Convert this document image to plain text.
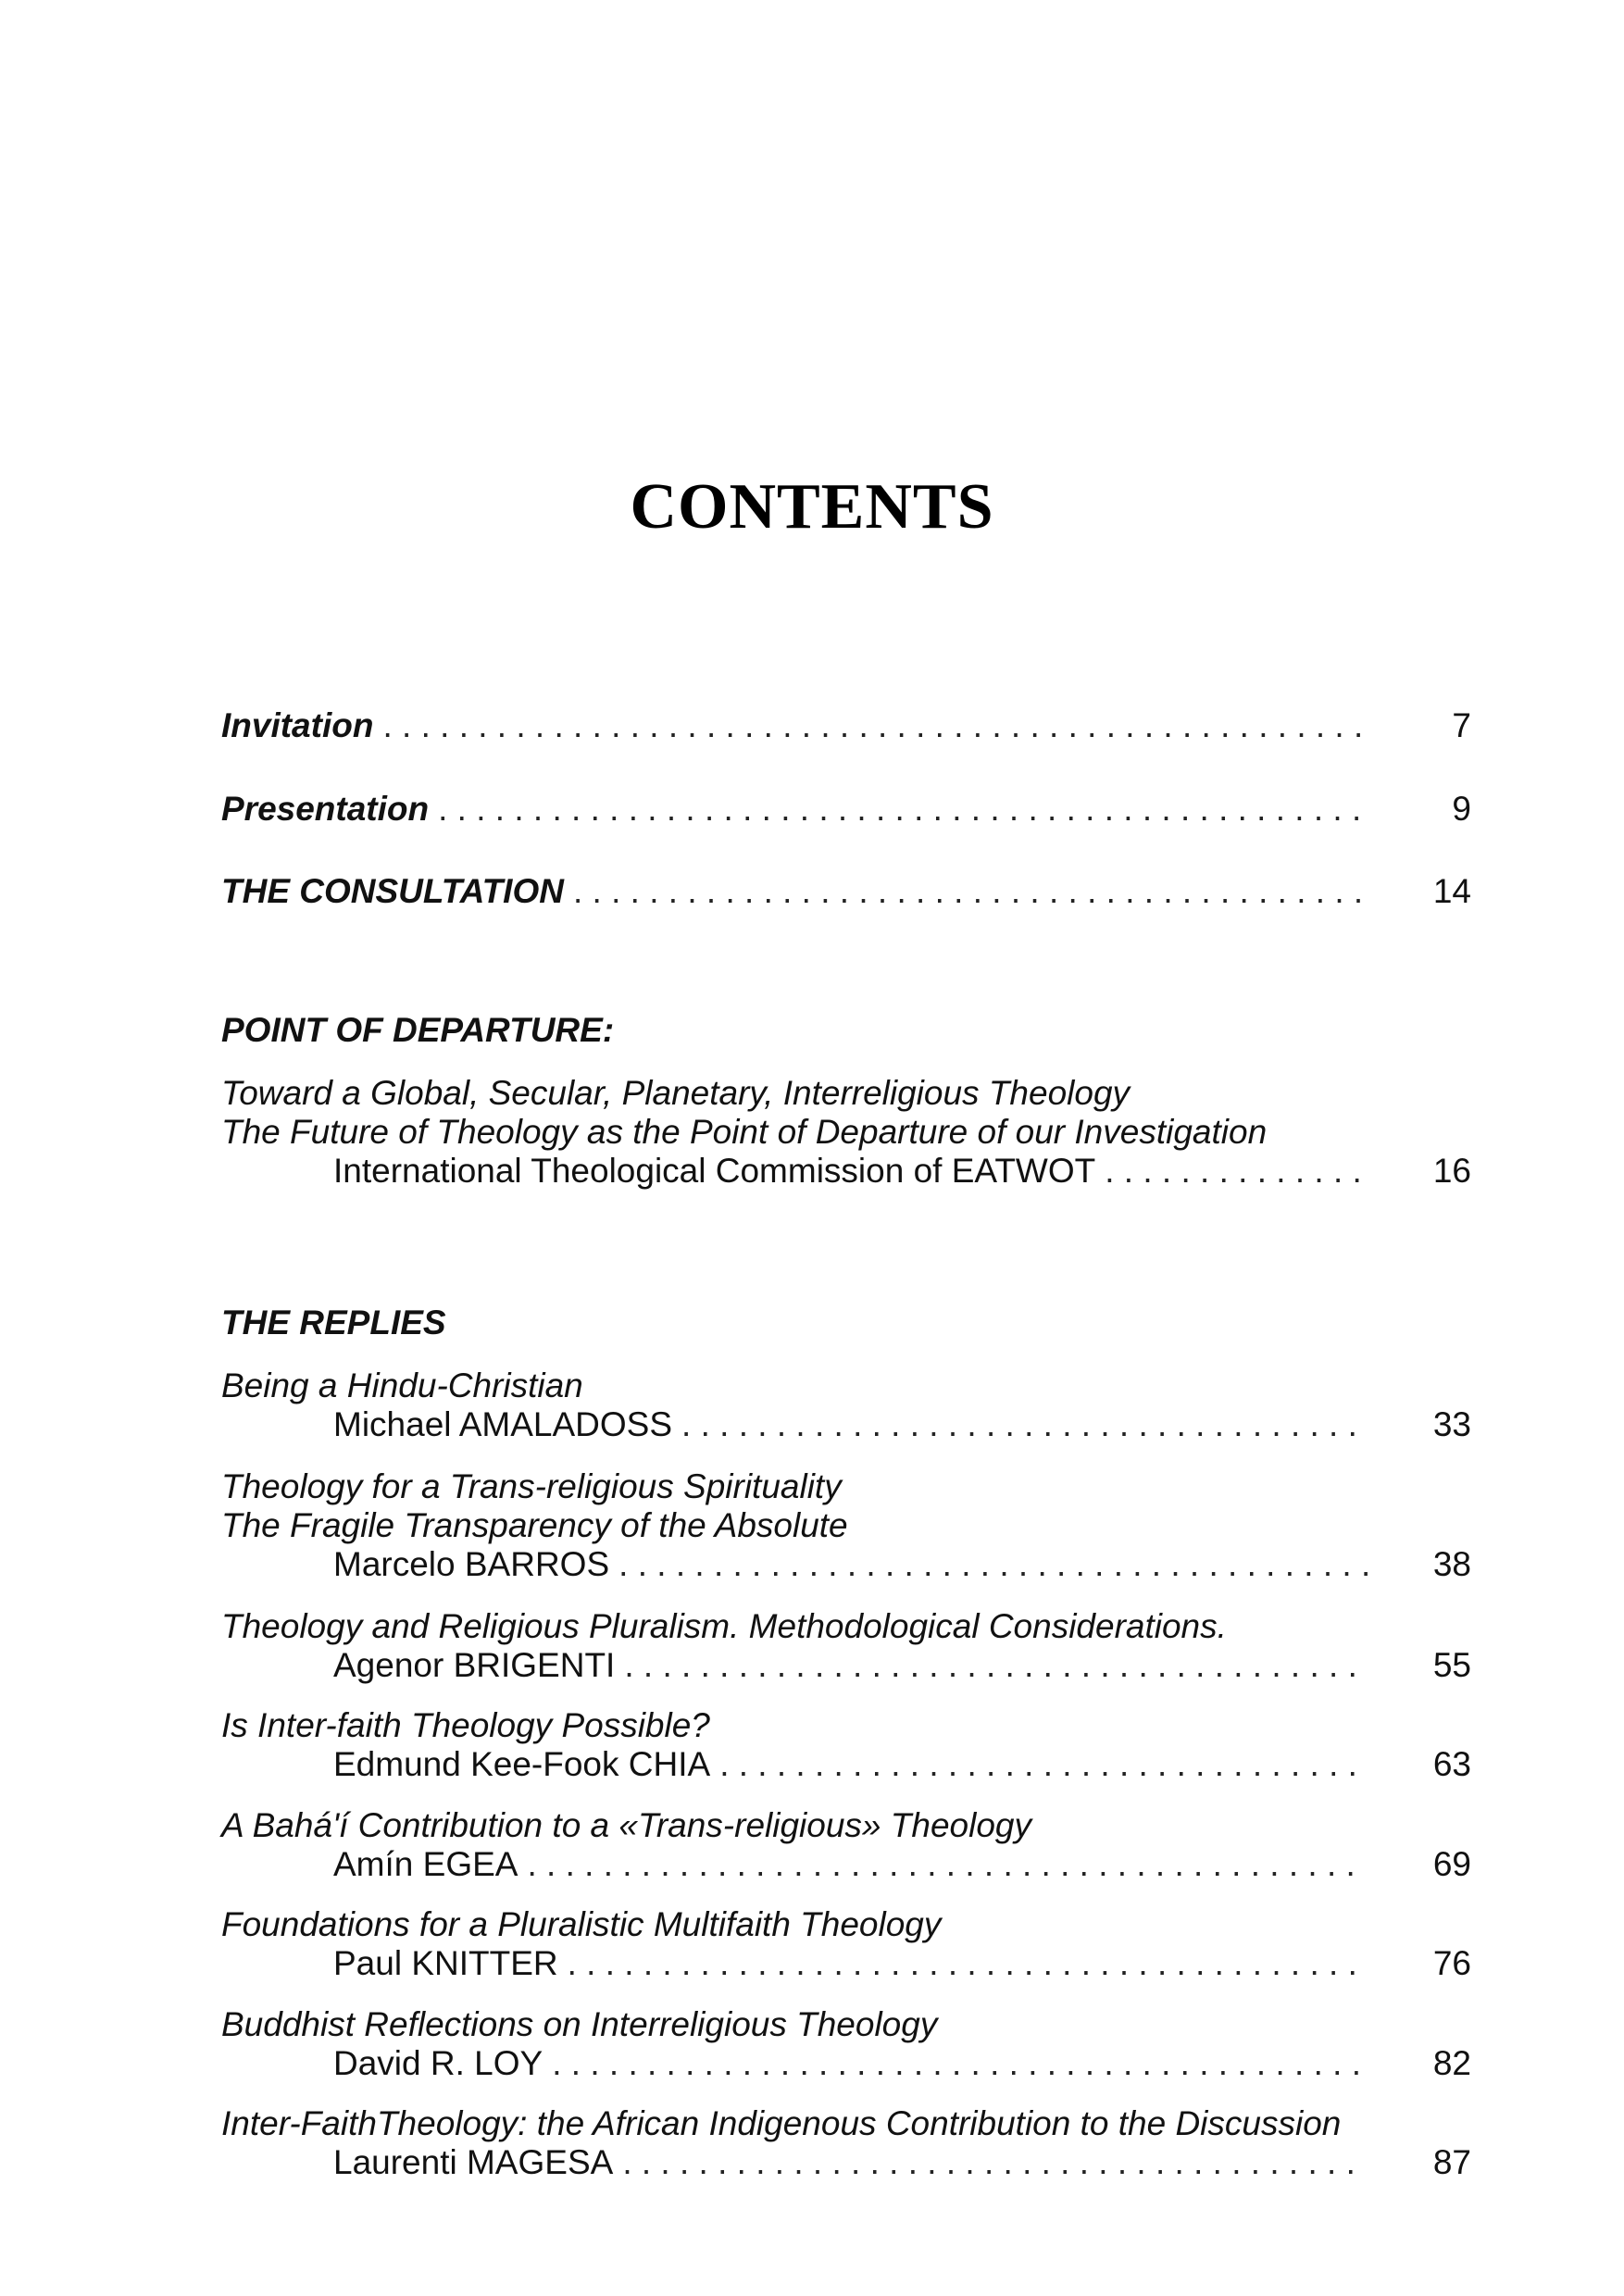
CONTENTS
Invitation . . .	7
Presentation . . .	9
THE CONSULTATION . . .	14
POINT OF DEPARTURE:
Toward a Global, Secular, Planetary, Interreligious Theology
The Future of Theology as the Point of Departure of our Investigation
International Theological Commission of EATWOT . . .	16
THE REPLIES
Being a Hindu-Christian
Michael AMALADOSS . . .	33
Theology for a Trans-religious Spirituality
The Fragile Transparency of the Absolute
Marcelo BARROS . . .	38
Theology and Religious Pluralism. Methodological Considerations.
Agenor BRIGENTI . . .	55
Is Inter-faith Theology Possible?
Edmund Kee-Fook CHIA . . .	63
A Bahá'í Contribution to a «Trans-religious» Theology
Amín EGEA . . .	69
Foundations for a Pluralistic Multifaith Theology
Paul KNITTER . . .	76
Buddhist Reflections on Interreligious Theology
David R. LOY . . .	82
Inter-FaithTheology: the African Indigenous Contribution to the Discussion
Laurenti MAGESA . . .	87
